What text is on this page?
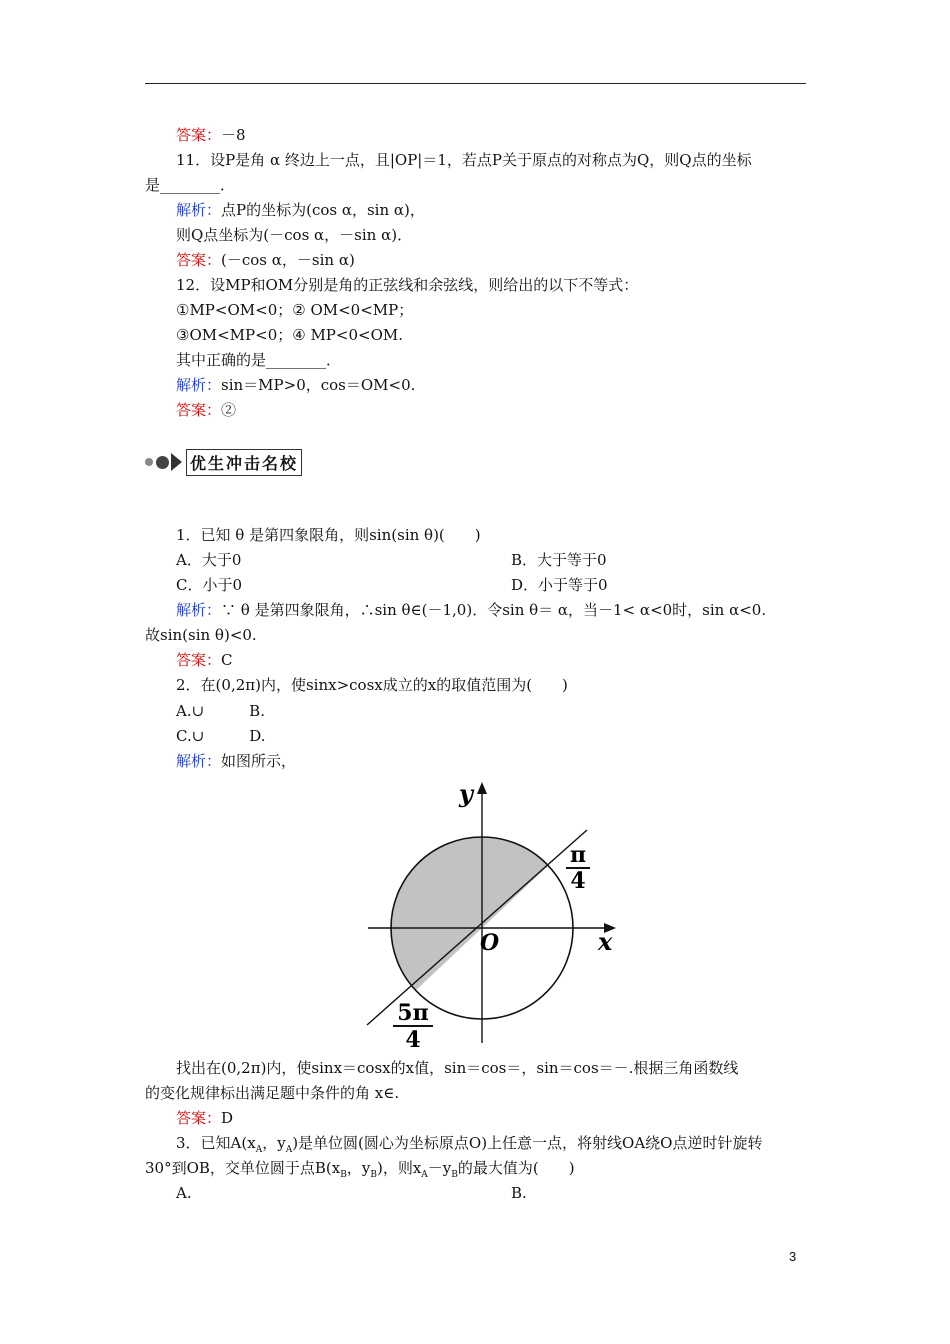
答案：－8
11．设P是角 α 终边上一点，且|OP|＝1，若点P关于原点的对称点为Q，则Q点的坐标
是________．
解析：点P的坐标为(cos α，sin α)，
则Q点坐标为(－cos α，－sin α)．
答案：(－cos α，－sin α)
12．设MP和OM分别是角的正弦线和余弦线，则给出的以下不等式：
①MP<OM<0；② OM<0<MP；
③OM<MP<0；④ MP<0<OM.
其中正确的是________．
解析：sin＝MP>0，cos＝OM<0.
答案：②
优生冲击名校
1．已知 θ 是第四象限角，则sin(sin θ)(　　)
A．大于0	B．大于等于0
C．小于0	D．小于等于0
解析：∵ θ 是第四象限角，∴sin θ∈(－1,0)．令sin θ＝ α，当－1< α<0时，sin α<0.
故sin(sin θ)<0.
答案：C
2．在(0,2π)内，使sinx>cosx成立的x的取值范围为(　　)
A.∪　　　B.
C.∪　　　D.
解析：如图所示，
y
x
O
π
4
5π
4
找出在(0,2π)内，使sinx＝cosx的x值，sin＝cos＝，sin＝cos＝－.根据三角函数线
的变化规律标出满足题中条件的角 x∈.
答案：D
3．已知$A(x_A$，$y_A$)是单位圆(圆心为坐标原点O)上任意一点，将射线OA绕O点逆时针旋转
30°到OB，交单位圆于点$B(x_B$，$y_B$)，则$x_A-y_B$的最大值为(　　)
A.	B.
3
